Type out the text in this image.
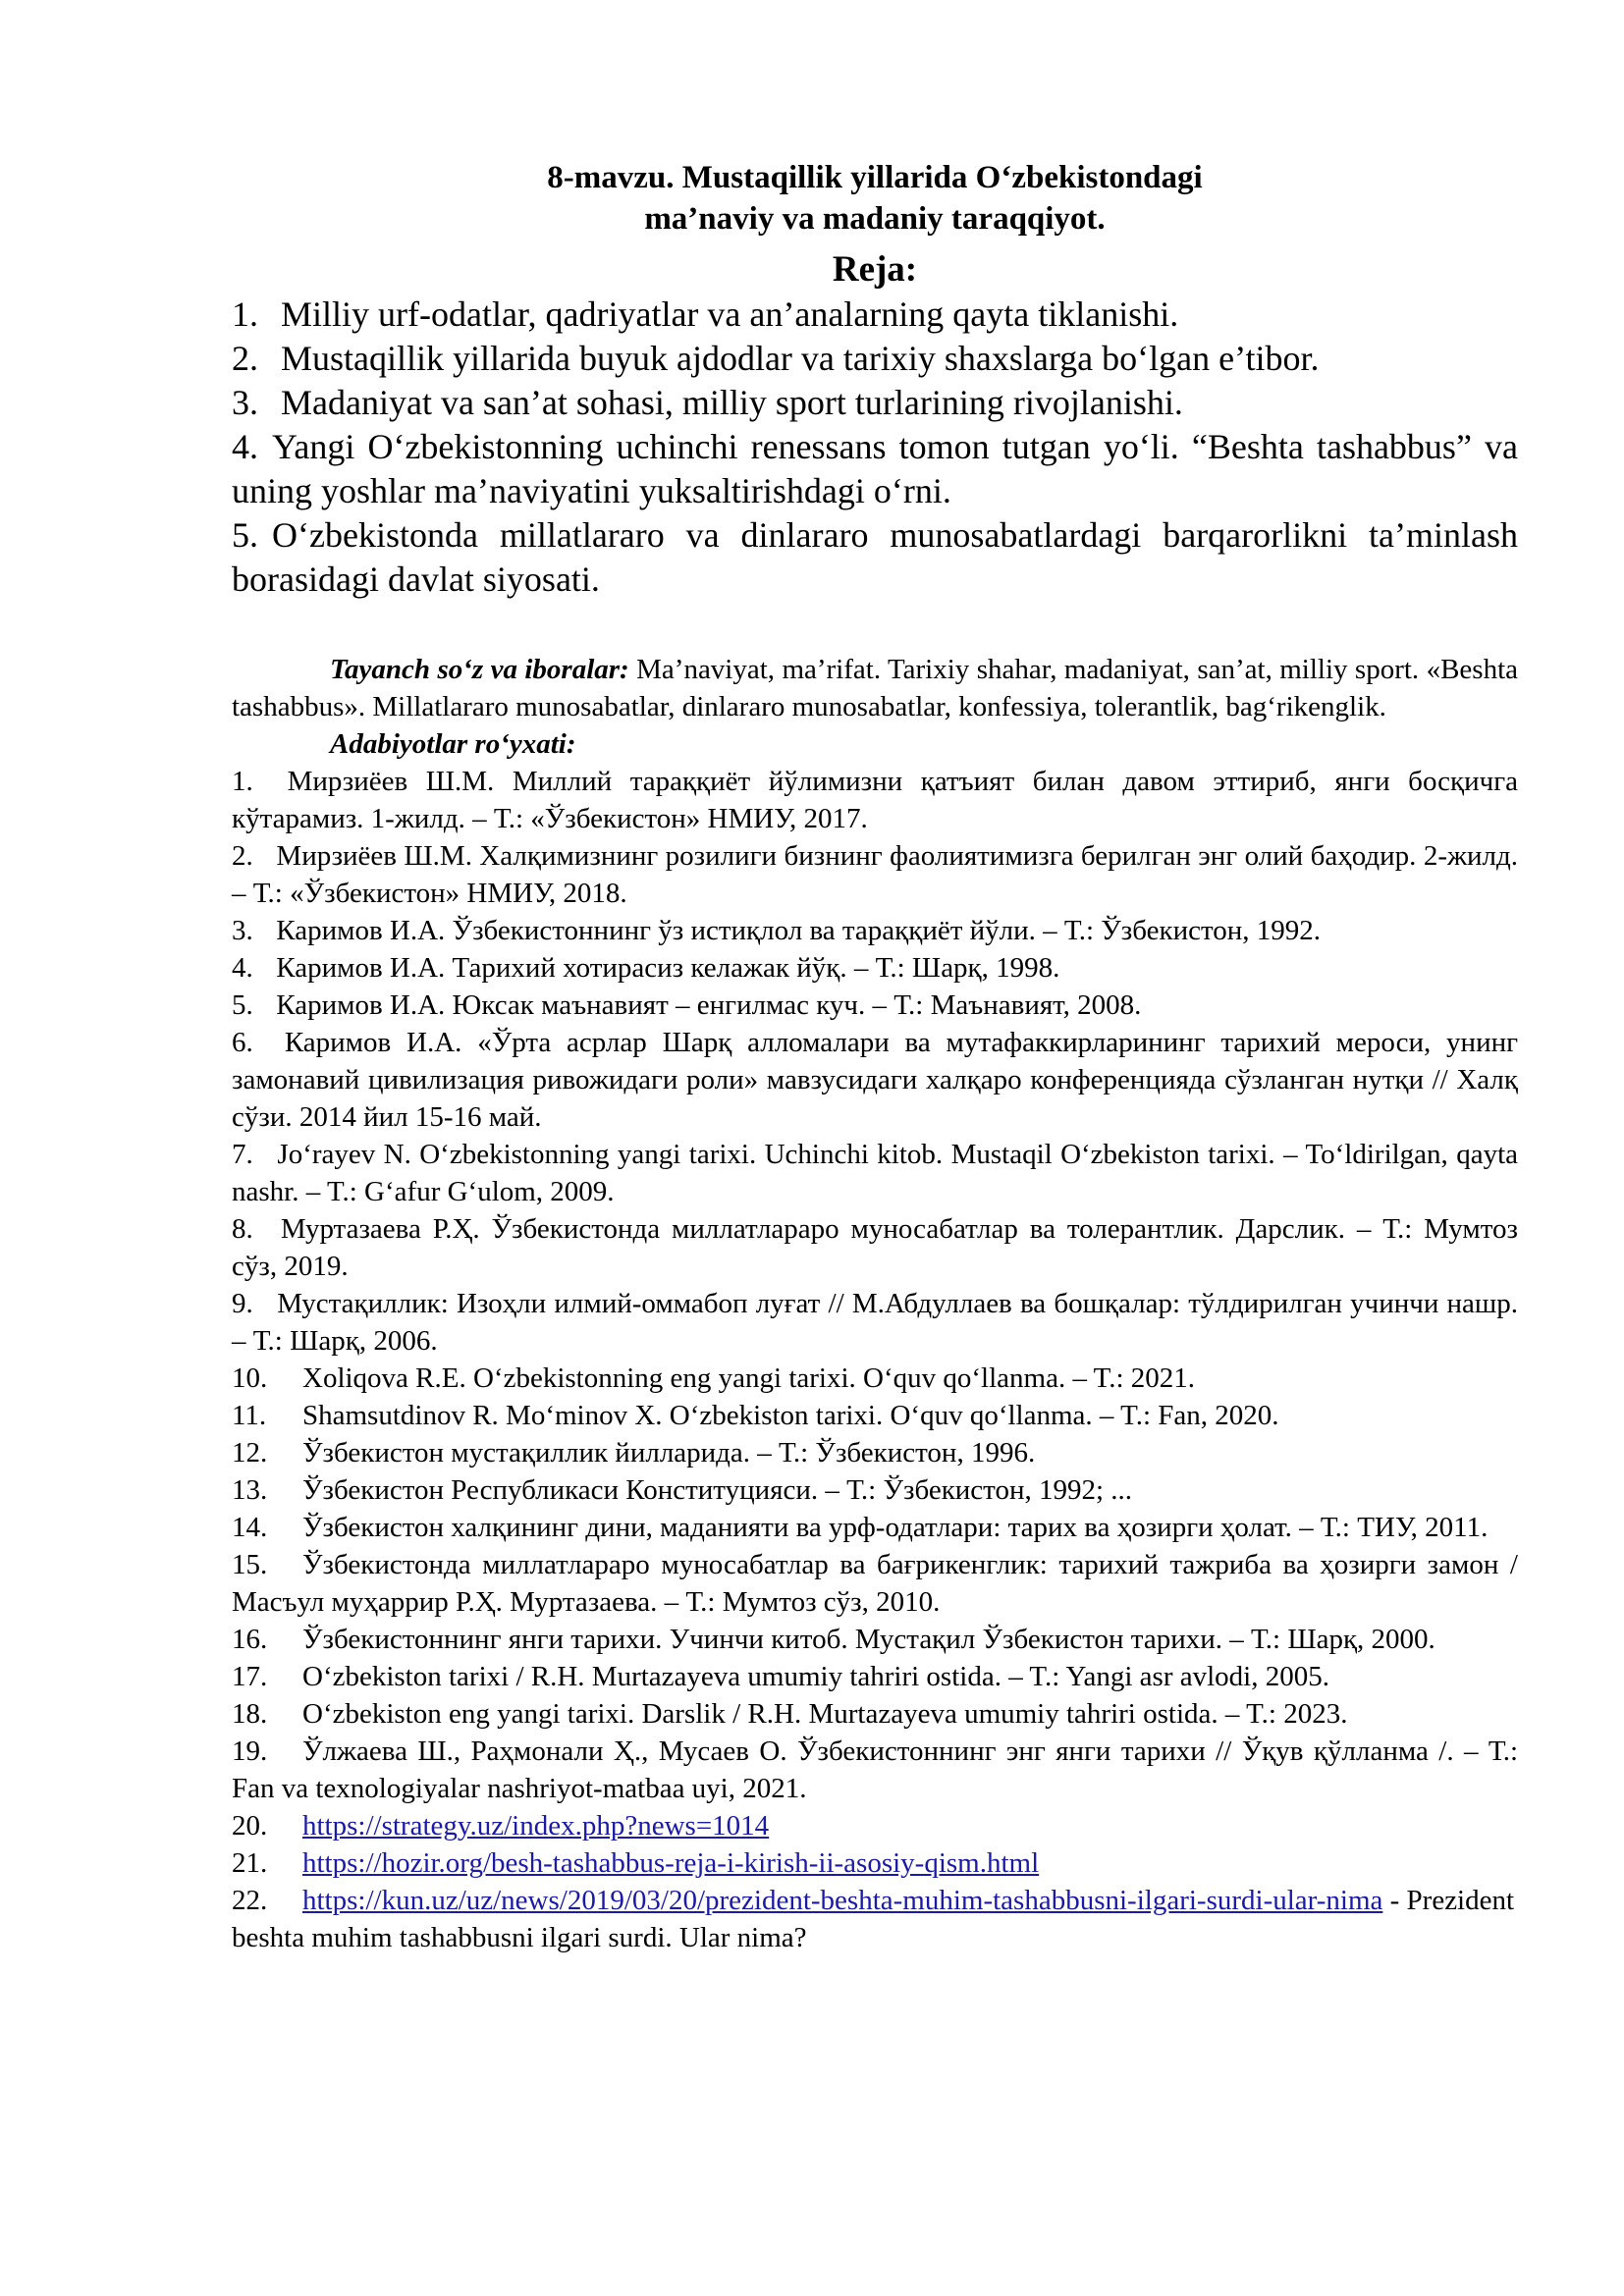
8-mavzu. Mustaqillik yillarida O‘zbekistondagi
ma’naviy va madaniy taraqqiyot.
Reja:
1. Milliy urf-odatlar, qadriyatlar va an’analarning qayta tiklanishi.
2. Mustaqillik yillarida buyuk ajdodlar va tarixiy shaxslarga bo‘lgan e’tibor.
3. Madaniyat va san’at sohasi, milliy sport turlarining rivojlanishi.
4. Yangi O‘zbekistonning uchinchi renessans tomon tutgan yo‘li. “Beshta tashabbus” va uning yoshlar ma’naviyatini yuksaltirishdagi o‘rni.
5. O‘zbekistonda millatlararo va dinlararo munosabatlardagi barqarorlikni ta’minlash borasidagi davlat siyosati.

Tayanch so‘z va iboralar: Ma’naviyat, ma’rifat. Tarixiy shahar, madaniyat, san’at, milliy sport. «Beshta tashabbus». Millatlararo munosabatlar, dinlararo munosabatlar, konfessiya, tolerantlik, bag‘rikenglik.

Adabiyotlar ro‘yxati:

1. Мирзиёев Ш.М. Миллий тараққиёт йўлимизни қатъият билан давом эттириб, янги босқичга кўтарамиз. 1-жилд. – Т.: «Ўзбекистон» НМИУ, 2017.
2. Мирзиёев Ш.М. Халқимизнинг розилиги бизнинг фаолиятимизга берилган энг олий баҳодир. 2-жилд. – Т.: «Ўзбекистон» НМИУ, 2018.
3. Каримов И.А. Ўзбекистоннинг ўз истиқлол ва тараққиёт йўли. – Т.: Ўзбекистон, 1992.
4. Каримов И.А. Тарихий хотирасиз келажак йўқ. – Т.: Шарқ, 1998.
5. Каримов И.А. Юксак маънавият – енгилмас куч. – Т.: Маънавият, 2008.
6. Каримов И.А. «Ўрта асрлар Шарқ алломалари ва мутафаккирларининг тарихий мероси, унинг замонавий цивилизация ривожидаги роли» мавзусидаги халқаро конференцияда сўзланган нутқи // Халқ сўзи. 2014 йил 15-16 май.
7. Jo‘rayev N. O‘zbekistonning yangi tarixi. Uchinchi kitob. Mustaqil O‘zbekiston tarixi. – To‘ldirilgan, qayta nashr. – T.: G‘afur G‘ulom, 2009.
8. Муртазаева Р.Ҳ. Ўзбекистонда миллатлараро муносабатлар ва толерантлик. Дарслик. – Т.: Мумтоз сўз, 2019.
9. Мустақиллик: Изоҳли илмий-оммабоп луғат // М.Абдуллаев ва бошқалар: тўлдирилган учинчи нашр. – Т.: Шарқ, 2006.
10. Xoliqova R.E. O‘zbekistonning eng yangi tarixi. O‘quv qo‘llanma. – T.: 2021.
11. Shamsutdinov R. Mo‘minov X. O‘zbekiston tarixi. O‘quv qo‘llanma. – T.: Fan, 2020.
12. Ўзбекистон мустақиллик йилларида. – Т.: Ўзбекистон, 1996.
13. Ўзбекистон Республикаси Конституцияси. – Т.: Ўзбекистон, 1992; ...
14. Ўзбекистон халқининг дини, маданияти ва урф-одатлари: тарих ва ҳозирги ҳолат. – Т.: ТИУ, 2011.
15. Ўзбекистонда миллатлараро муносабатлар ва бағрикенглик: тарихий тажриба ва ҳозирги замон / Масъул муҳаррир Р.Ҳ. Муртазаева. – Т.: Мумтоз сўз, 2010.
16. Ўзбекистоннинг янги тарихи. Учинчи китоб. Мустақил Ўзбекистон тарихи. – Т.: Шарқ, 2000.
17. O‘zbekiston tarixi / R.H. Murtazayeva umumiy tahriri ostida. – T.: Yangi asr avlodi, 2005.
18. O‘zbekiston eng yangi tarixi. Darslik / R.H. Murtazayeva umumiy tahriri ostida. – T.: 2023.
19. Ўлжаева Ш., Раҳмонали Ҳ., Мусаев О. Ўзбекистоннинг энг янги тарихи // Ўқув қўлланма /. – Т.: Fan va texnologiyalar nashriyot-matbaa uyi, 2021.
20. https://strategy.uz/index.php?news=1014
21. https://hozir.org/besh-tashabbus-reja-i-kirish-ii-asosiy-qism.html
22. https://kun.uz/uz/news/2019/03/20/prezident-beshta-muhim-tashabbusni-ilgari-surdi-ular-nima - Prezident beshta muhim tashabbusni ilgari surdi. Ular nima?
